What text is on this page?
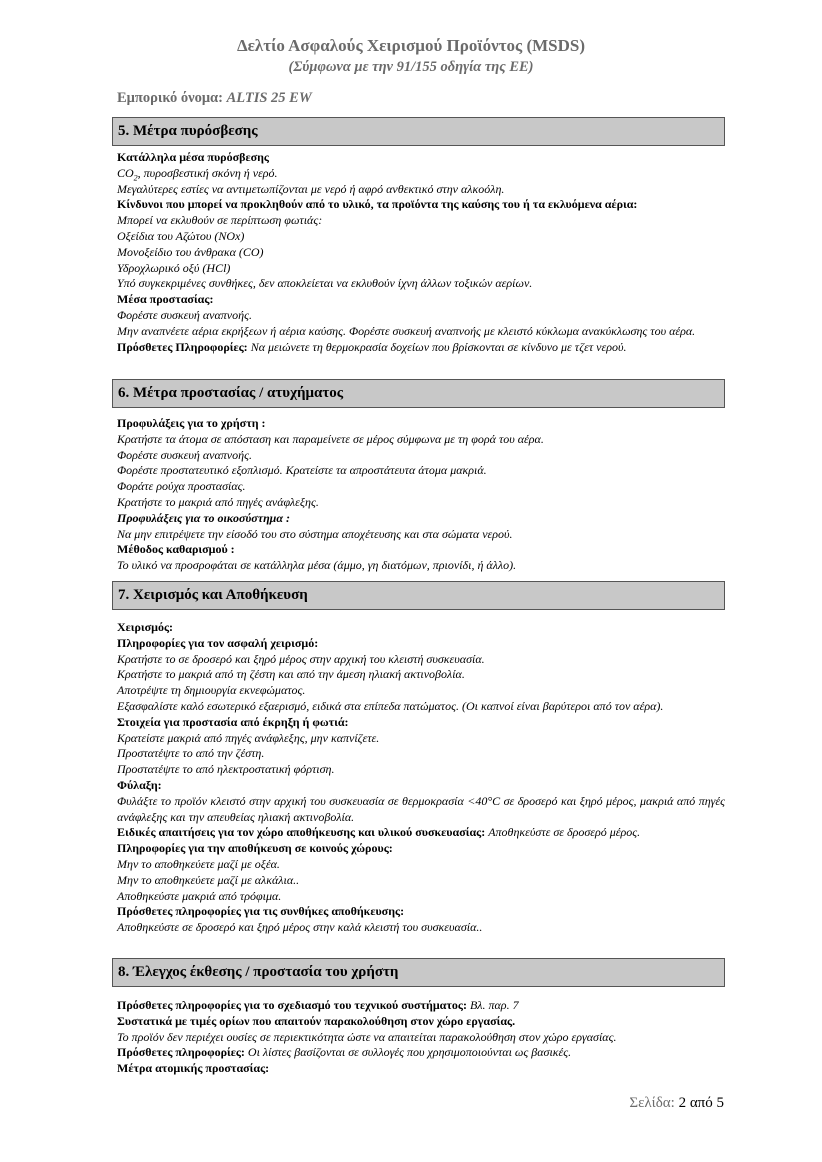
Δελτίο Ασφαλούς Χειρισμού Προϊόντος (MSDS)
(Σύμφωνα με την 91/155 οδηγία της ΕΕ)
Εμπορικό όνομα: ALTIS 25 EW
5. Μέτρα πυρόσβεσης

Κατάλληλα μέσα πυρόσβεσης

$CO_2$, πυροσβεστική σκόνη ή νερό.

Μεγαλύτερες εστίες να αντιμετωπίζονται με νερό ή αφρό ανθεκτικό στην αλκοόλη.

Κίνδυνοι που μπορεί να προκληθούν από το υλικό, τα προϊόντα της καύσης του ή τα εκλυόμενα αέρια:

Μπορεί να εκλυθούν σε περίπτωση φωτιάς:

Οξείδια του Αζώτου (NOx)

Μονοξείδιο του άνθρακα (CO)

Υδροχλωρικό οξύ (HCl)

Υπό συγκεκριμένες συνθήκες, δεν αποκλείεται να εκλυθούν ίχνη άλλων τοξικών αερίων.

Μέσα προστασίας:

Φορέστε συσκευή αναπνοής.

Μην αναπνέετε αέρια εκρήξεων ή αέρια καύσης. Φορέστε συσκευή αναπνοής με κλειστό κύκλωμα ανακύκλωσης του αέρα.

Πρόσθετες Πληροφορίες: Να μειώνετε τη θερμοκρασία δοχείων που βρίσκονται σε κίνδυνο με τζετ νερού.

6. Μέτρα προστασίας / ατυχήματος

Προφυλάξεις για το χρήστη :

Κρατήστε τα άτομα σε απόσταση και παραμείνετε σε μέρος σύμφωνα με τη φορά του αέρα.

Φορέστε συσκευή αναπνοής.

Φορέστε προστατευτικό εξοπλισμό. Κρατείστε τα απροστάτευτα άτομα μακριά.

Φοράτε ρούχα προστασίας.

Κρατήστε το μακριά από πηγές ανάφλεξης.

Προφυλάξεις για το οικοσύστημα :

Να μην επιτρέψετε την είσοδό του στο σύστημα αποχέτευσης και στα σώματα νερού.

Μέθοδος καθαρισμού :

Το υλικό να προσροφάται σε κατάλληλα μέσα (άμμο, γη διατόμων, πριονίδι, ή άλλο).

7. Χειρισμός και Αποθήκευση

Χειρισμός:

Πληροφορίες για τον ασφαλή χειρισμό:

Κρατήστε το σε δροσερό και ξηρό μέρος στην αρχική του κλειστή συσκευασία.

Κρατήστε το μακριά από τη ζέστη και από την άμεση ηλιακή ακτινοβολία.

Αποτρέψτε τη δημιουργία εκνεφώματος.

Εξασφαλίστε καλό εσωτερικό εξαερισμό, ειδικά στα επίπεδα πατώματος. (Οι καπνοί είναι βαρύτεροι από τον αέρα).

Στοιχεία για προστασία από έκρηξη ή φωτιά:

Κρατείστε μακριά από πηγές ανάφλεξης, μην καπνίζετε.

Προστατέψτε το από την ζέστη.

Προστατέψτε το από ηλεκτροστατική φόρτιση.

Φύλαξη:

Φυλάξτε το προϊόν κλειστό στην αρχική του συσκευασία σε θερμοκρασία <40°C σε δροσερό και ξηρό μέρος, μακριά από πηγές ανάφλεξης και την απευθείας ηλιακή ακτινοβολία.

Ειδικές απαιτήσεις για τον χώρο αποθήκευσης και υλικού συσκευασίας: Αποθηκεύστε σε δροσερό μέρος.

Πληροφορίες για την αποθήκευση σε κοινούς χώρους:

Μην το αποθηκεύετε μαζί με οξέα.

Μην το αποθηκεύετε μαζί με αλκάλια..

Αποθηκεύστε μακριά από τρόφιμα.

Πρόσθετες πληροφορίες για τις συνθήκες αποθήκευσης:

Αποθηκεύστε σε δροσερό και ξηρό μέρος στην καλά κλειστή του συσκευασία..

8. Έλεγχος έκθεσης / προστασία του χρήστη

Πρόσθετες πληροφορίες για το σχεδιασμό του τεχνικού συστήματος: Βλ. παρ. 7

Συστατικά με τιμές ορίων που απαιτούν παρακολούθηση στον χώρο εργασίας.

Το προϊόν δεν περιέχει ουσίες σε περιεκτικότητα ώστε να απαιτείται παρακολούθηση στον χώρο εργασίας.

Πρόσθετες πληροφορίες: Οι λίστες βασίζονται σε συλλογές που χρησιμοποιούνται ως βασικές.

Μέτρα ατομικής προστασίας:

Σελίδα: 2 από 5
